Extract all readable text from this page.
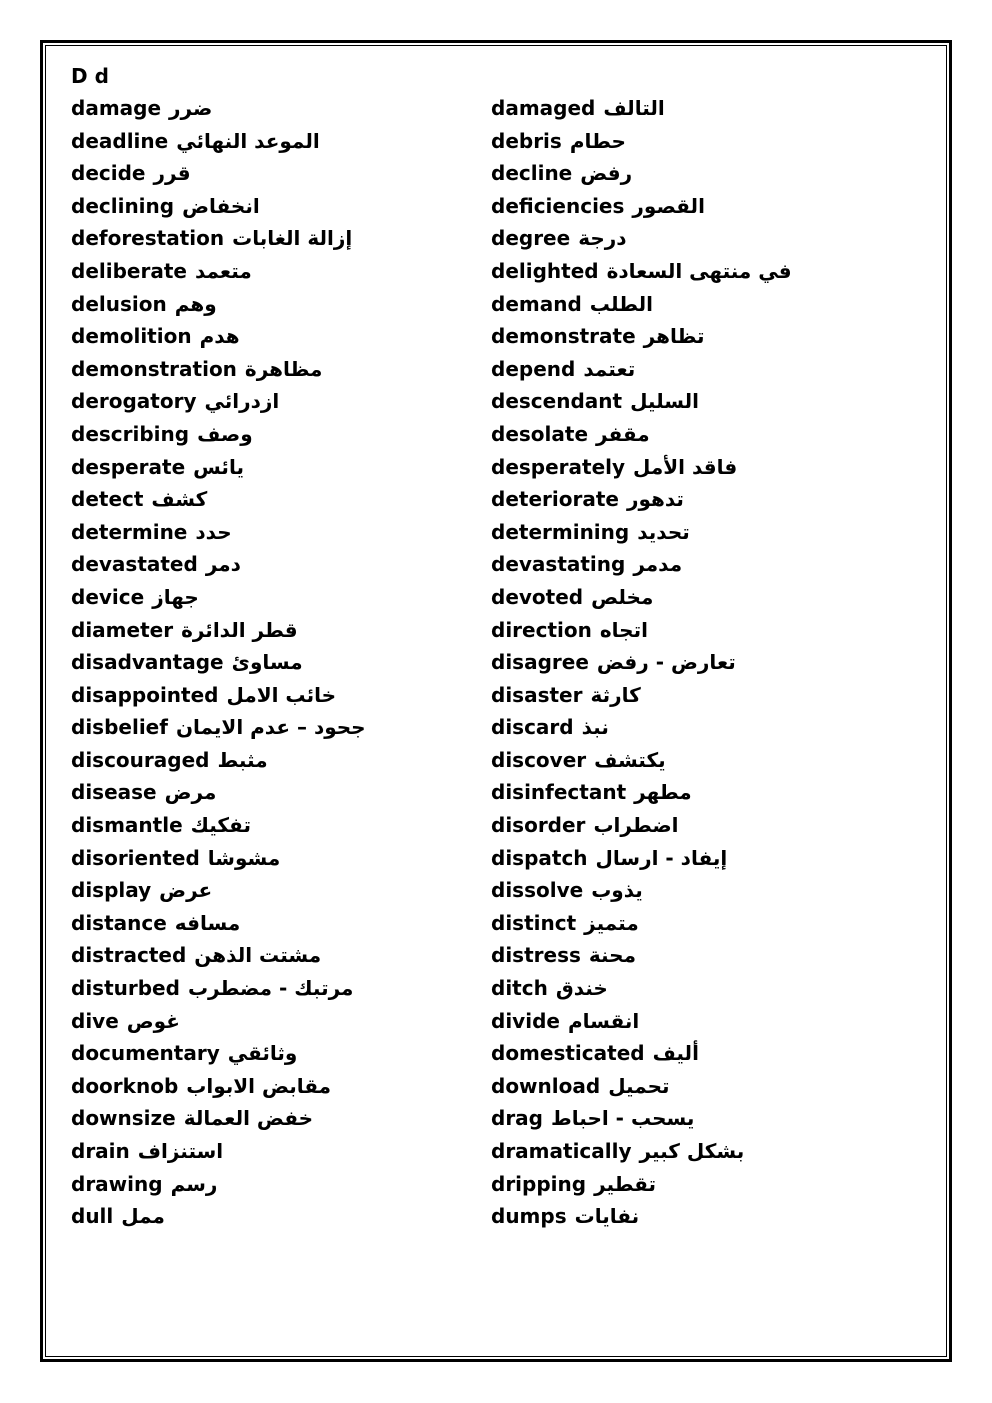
D d
damage ضرر
deadline الموعد النهائي
decide قرر
declining انخفاض
deforestation إزالة الغابات
deliberate متعمد
delusion وهم
demolition هدم
demonstration مظاهرة
derogatory ازدرائي
describing وصف
desperate يائس
detect كشف
determine حدد
devastated دمر
device جهاز
diameter قطر الدائرة
disadvantage مساوئ
disappointed خائب الامل
disbelief جحود – عدم الايمان
discouraged مثبط
disease مرض
dismantle تفكيك
disoriented مشوشا
display عرض
distance مسافه
distracted مشتت الذهن
disturbed مرتبك - مضطرب
dive غوص
documentary وثائقي
doorknob مقابض الابواب
downsize خفض العمالة
drain استنزاف
drawing رسم
dull ممل
damaged التالف
debris حطام
decline رفض
deficiencies القصور
degree درجة
delighted في منتهى السعادة
demand الطلب
demonstrate تظاهر
depend تعتمد
descendant السليل
desolate مقفر
desperately فاقد الأمل
deteriorate تدهور
determining تحديد
devastating مدمر
devoted مخلص
direction اتجاه
disagree تعارض - رفض
disaster كارثة
discard نبذ
discover يكتشف
disinfectant مطهر
disorder اضطراب
dispatch إيفاد - ارسال
dissolve يذوب
distinct متميز
distress محنة
ditch خندق
divide انقسام
domesticated أليف
download تحميل
drag يسحب - احباط
dramatically بشكل كبير
dripping تقطير
dumps نفايات
